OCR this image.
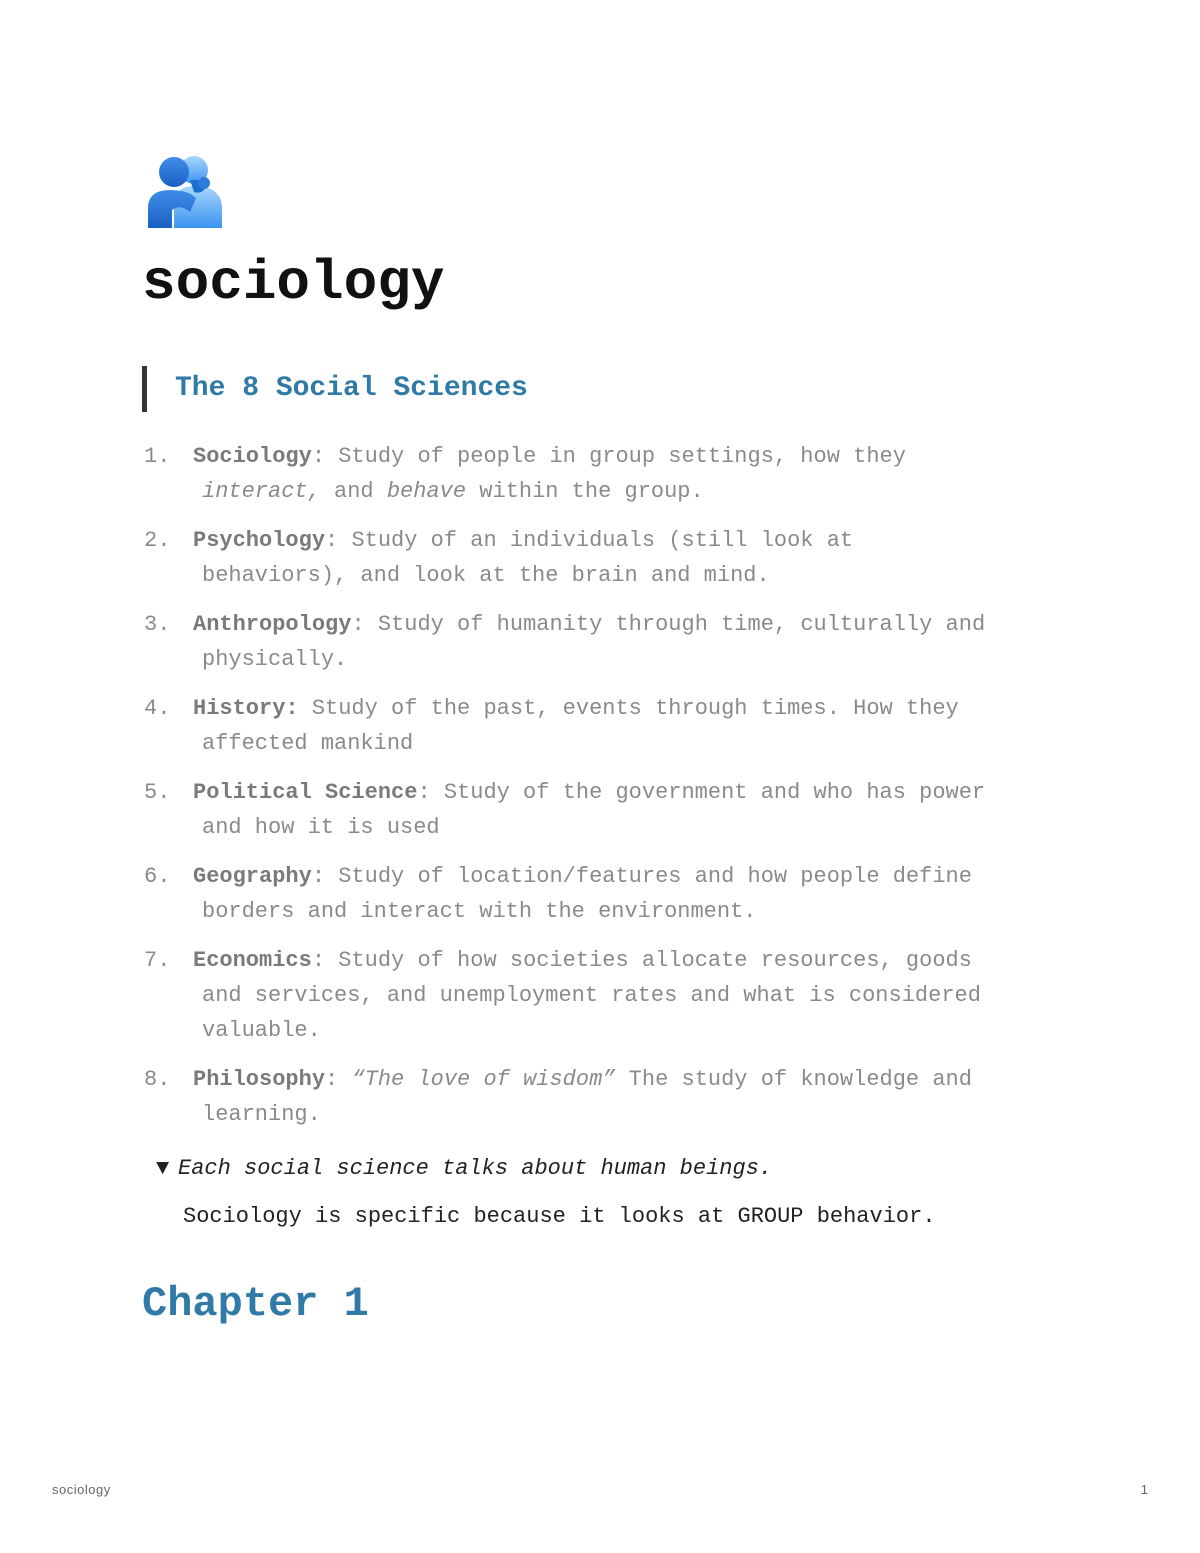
sociology
The 8 Social Sciences
1. Sociology: Study of people in group settings, how they
interact, and behave within the group.
2. Psychology: Study of an individuals (still look at
behaviors), and look at the brain and mind.
3. Anthropology: Study of humanity through time, culturally and
physically.
4. History: Study of the past, events through times. How they
affected mankind
5. Political Science: Study of the government and who has power
and how it is used
6. Geography: Study of location/features and how people define
borders and interact with the environment.
7. Economics: Study of how societies allocate resources, goods
and services, and unemployment rates and what is considered
valuable.
8. Philosophy: “The love of wisdom” The study of knowledge and
learning.
▼ Each social science talks about human beings.
Sociology is specific because it looks at GROUP behavior.
Chapter 1
sociology	1
